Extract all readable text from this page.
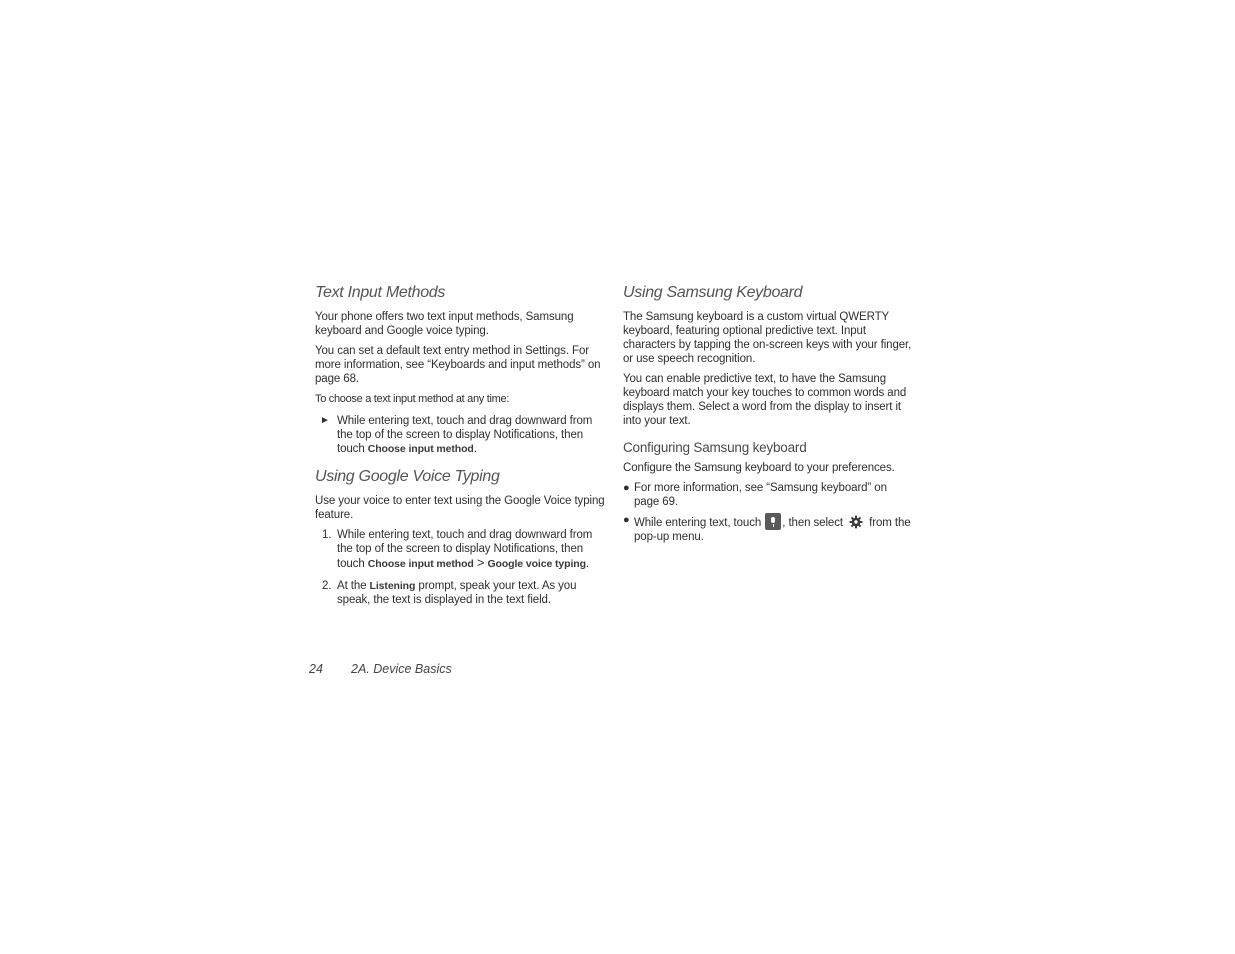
Text Input Methods

Your phone offers two text input methods, Samsung keyboard and Google voice typing.

You can set a default text entry method in Settings. For more information, see “Keyboards and input methods” on page 68.

To choose a text input method at any time:

► While entering text, touch and drag downward from the top of the screen to display Notifications, then touch Choose input method.
Using Google Voice Typing

Use your voice to enter text using the Google Voice typing feature.

1. While entering text, touch and drag downward from the top of the screen to display Notifications, then touch Choose input method > Google voice typing.
2. At the Listening prompt, speak your text. As you speak, the text is displayed in the text field.
Using Samsung Keyboard

The Samsung keyboard is a custom virtual QWERTY keyboard, featuring optional predictive text. Input characters by tapping the on-screen keys with your finger, or use speech recognition.

You can enable predictive text, to have the Samsung keyboard match your key touches to common words and displays them. Select a word from the display to insert it into your text.

Configuring Samsung keyboard

Configure the Samsung keyboard to your preferences.

● For more information, see “Samsung keyboard” on page 69.
● While entering text, touch , then select  from the pop-up menu.
24 2A. Device Basics
